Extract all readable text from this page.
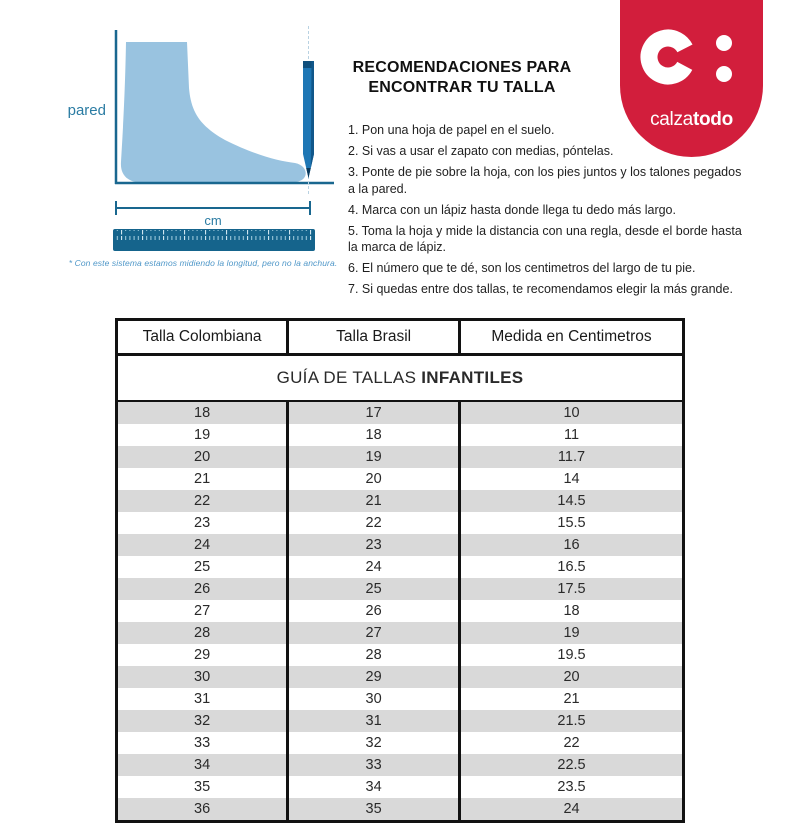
pared
cm
* Con este sistema estamos midiendo la longitud, pero no la anchura.
RECOMENDACIONES PARA
ENCONTRAR TU TALLA
1. Pon una hoja de papel en el suelo.
2. Si vas a usar el zapato con medias, póntelas.
3. Ponte de pie sobre la hoja, con los pies juntos y los talones pegados a la pared.
4. Marca con un lápiz hasta donde llega tu dedo más largo.
5. Toma la hoja y mide la distancia con una regla, desde el borde hasta la marca de lápiz.
6. El número que te dé, son los centimetros del largo de tu pie.
7. Si quedas entre dos tallas, te recomendamos elegir la más grande.
calzatodo
GUÍA DE TALLAS INFANTILES		
Talla Colombiana	Talla Brasil	Medida en Centimetros
18	17	10
19	18	11
20	19	11.7
21	20	14
22	21	14.5
23	22	15.5
24	23	16
25	24	16.5
26	25	17.5
27	26	18
28	27	19
29	28	19.5
30	29	20
31	30	21
32	31	21.5
33	32	22
34	33	22.5
35	34	23.5
36	35	24
